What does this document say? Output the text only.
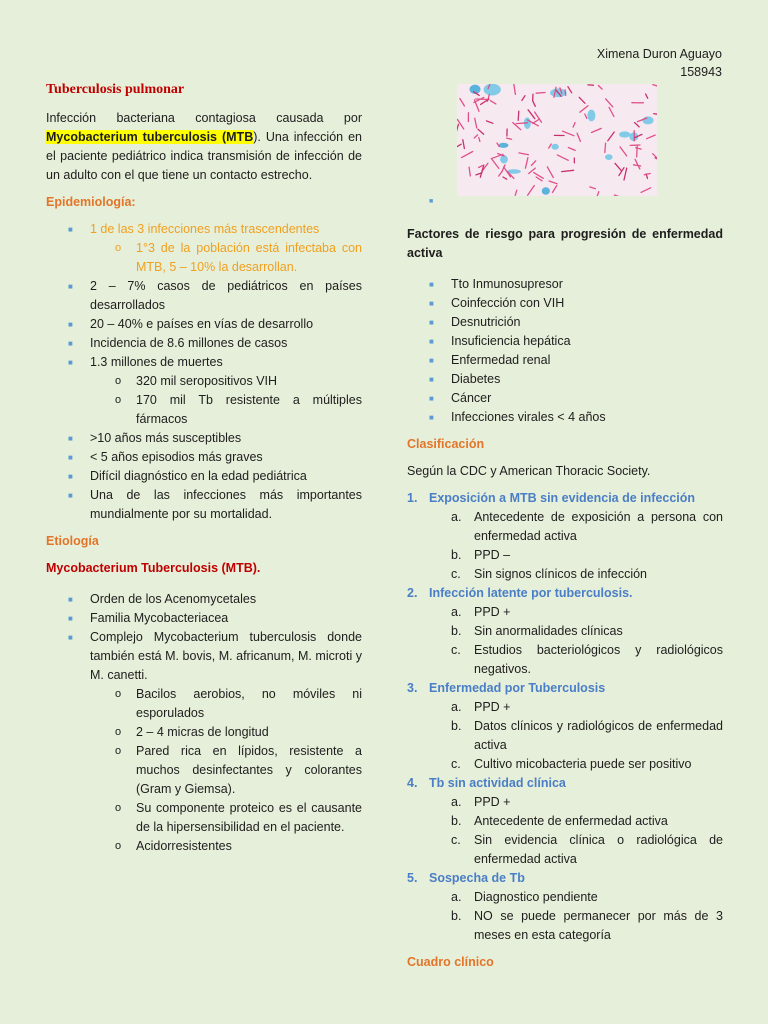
Ximena Duron Aguayo
158943
Tuberculosis pulmonar

Infección bacteriana contagiosa causada por Mycobacterium tuberculosis (MTB). Una infección en el paciente pediátrico indica transmisión de infección de un adulto con el que tiene un contacto estrecho.

Epidemiología:
■ 1 de las 3 infecciones más trascendentes
o 1°3 de la población está infectaba con MTB, 5 – 10% la desarrollan.
■ 2 – 7% casos de pediátricos en países desarrollados
■ 20 – 40% e países en vías de desarrollo
■ Incidencia de 8.6 millones de casos
■ 1.3 millones de muertes
o 320 mil seropositivos VIH
o 170 mil Tb resistente a múltiples fármacos
■ >10 años más susceptibles
■ < 5 años episodios más graves
■ Difícil diagnóstico en la edad pediátrica
■ Una de las infecciones más importantes mundialmente por su mortalidad.
Etiología
Mycobacterium Tuberculosis (MTB).
■ Orden de los Acenomycetales
■ Familia Mycobacteriacea
■ Complejo Mycobacterium tuberculosis donde también está M. bovis, M. africanum, M. microti y M. canetti.
o Bacilos aerobios, no móviles ni esporulados
o 2 – 4 micras de longitud
o Pared rica en lípidos, resistente a muchos desinfectantes y colorantes (Gram y Giemsa).
o Su componente proteico es el causante de la hipersensibilidad en el paciente.
o Acidorresistentes
■
Factores de riesgo para progresión de enfermedad activa
■ Tto Inmunosupresor
■ Coinfección con VIH
■ Desnutrición
■ Insuficiencia hepática
■ Enfermedad renal
■ Diabetes
■ Cáncer
■ Infecciones virales < 4 años
Clasificación

Según la CDC y American Thoracic Society.

1. Exposición a MTB sin evidencia de infección
a. Antecedente de exposición a persona con enfermedad activa
b. PPD –
c. Sin signos clínicos de infección
2. Infección latente por tuberculosis.
a. PPD +
b. Sin anormalidades clínicas
c. Estudios bacteriológicos y radiológicos negativos.
3. Enfermedad por Tuberculosis
a. PPD +
b. Datos clínicos y radiológicos de enfermedad activa
c. Cultivo micobacteria puede ser positivo
4. Tb sin actividad clínica
a. PPD +
b. Antecedente de enfermedad activa
c. Sin evidencia clínica o radiológica de enfermedad activa
5. Sospecha de Tb
a. Diagnostico pendiente
b. NO se puede permanecer por más de 3 meses en esta categoría
Cuadro clínico
